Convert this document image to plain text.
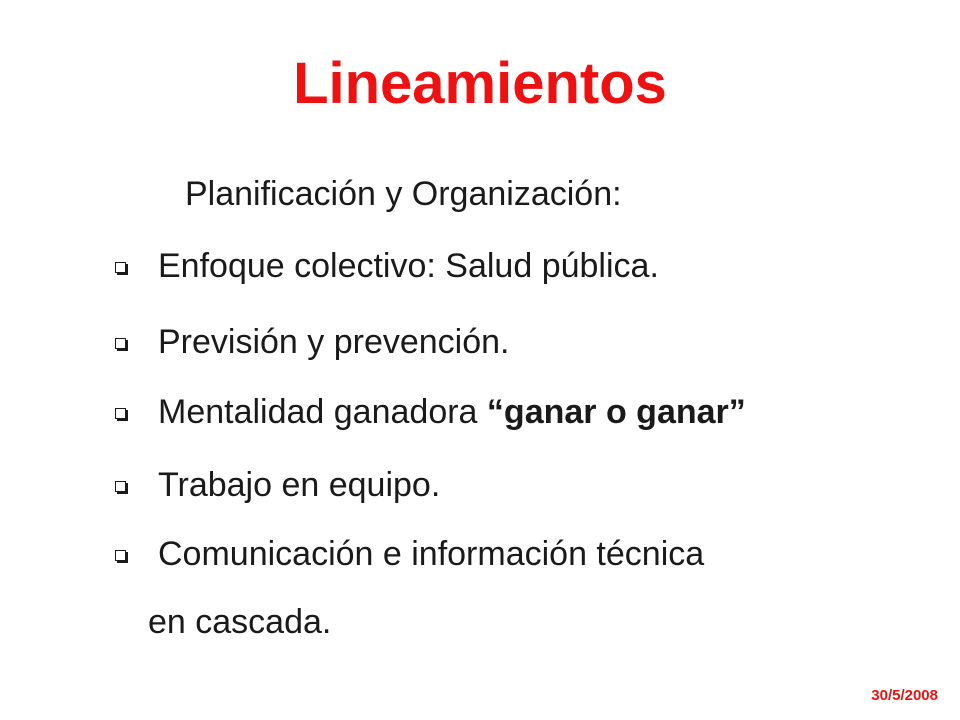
Lineamientos
Planificación y Organización:
Enfoque colectivo: Salud pública.
Previsión y prevención.
Mentalidad ganadora “ganar o ganar”
Trabajo en equipo.
Comunicación e información técnica
en cascada.
30/5/2008
